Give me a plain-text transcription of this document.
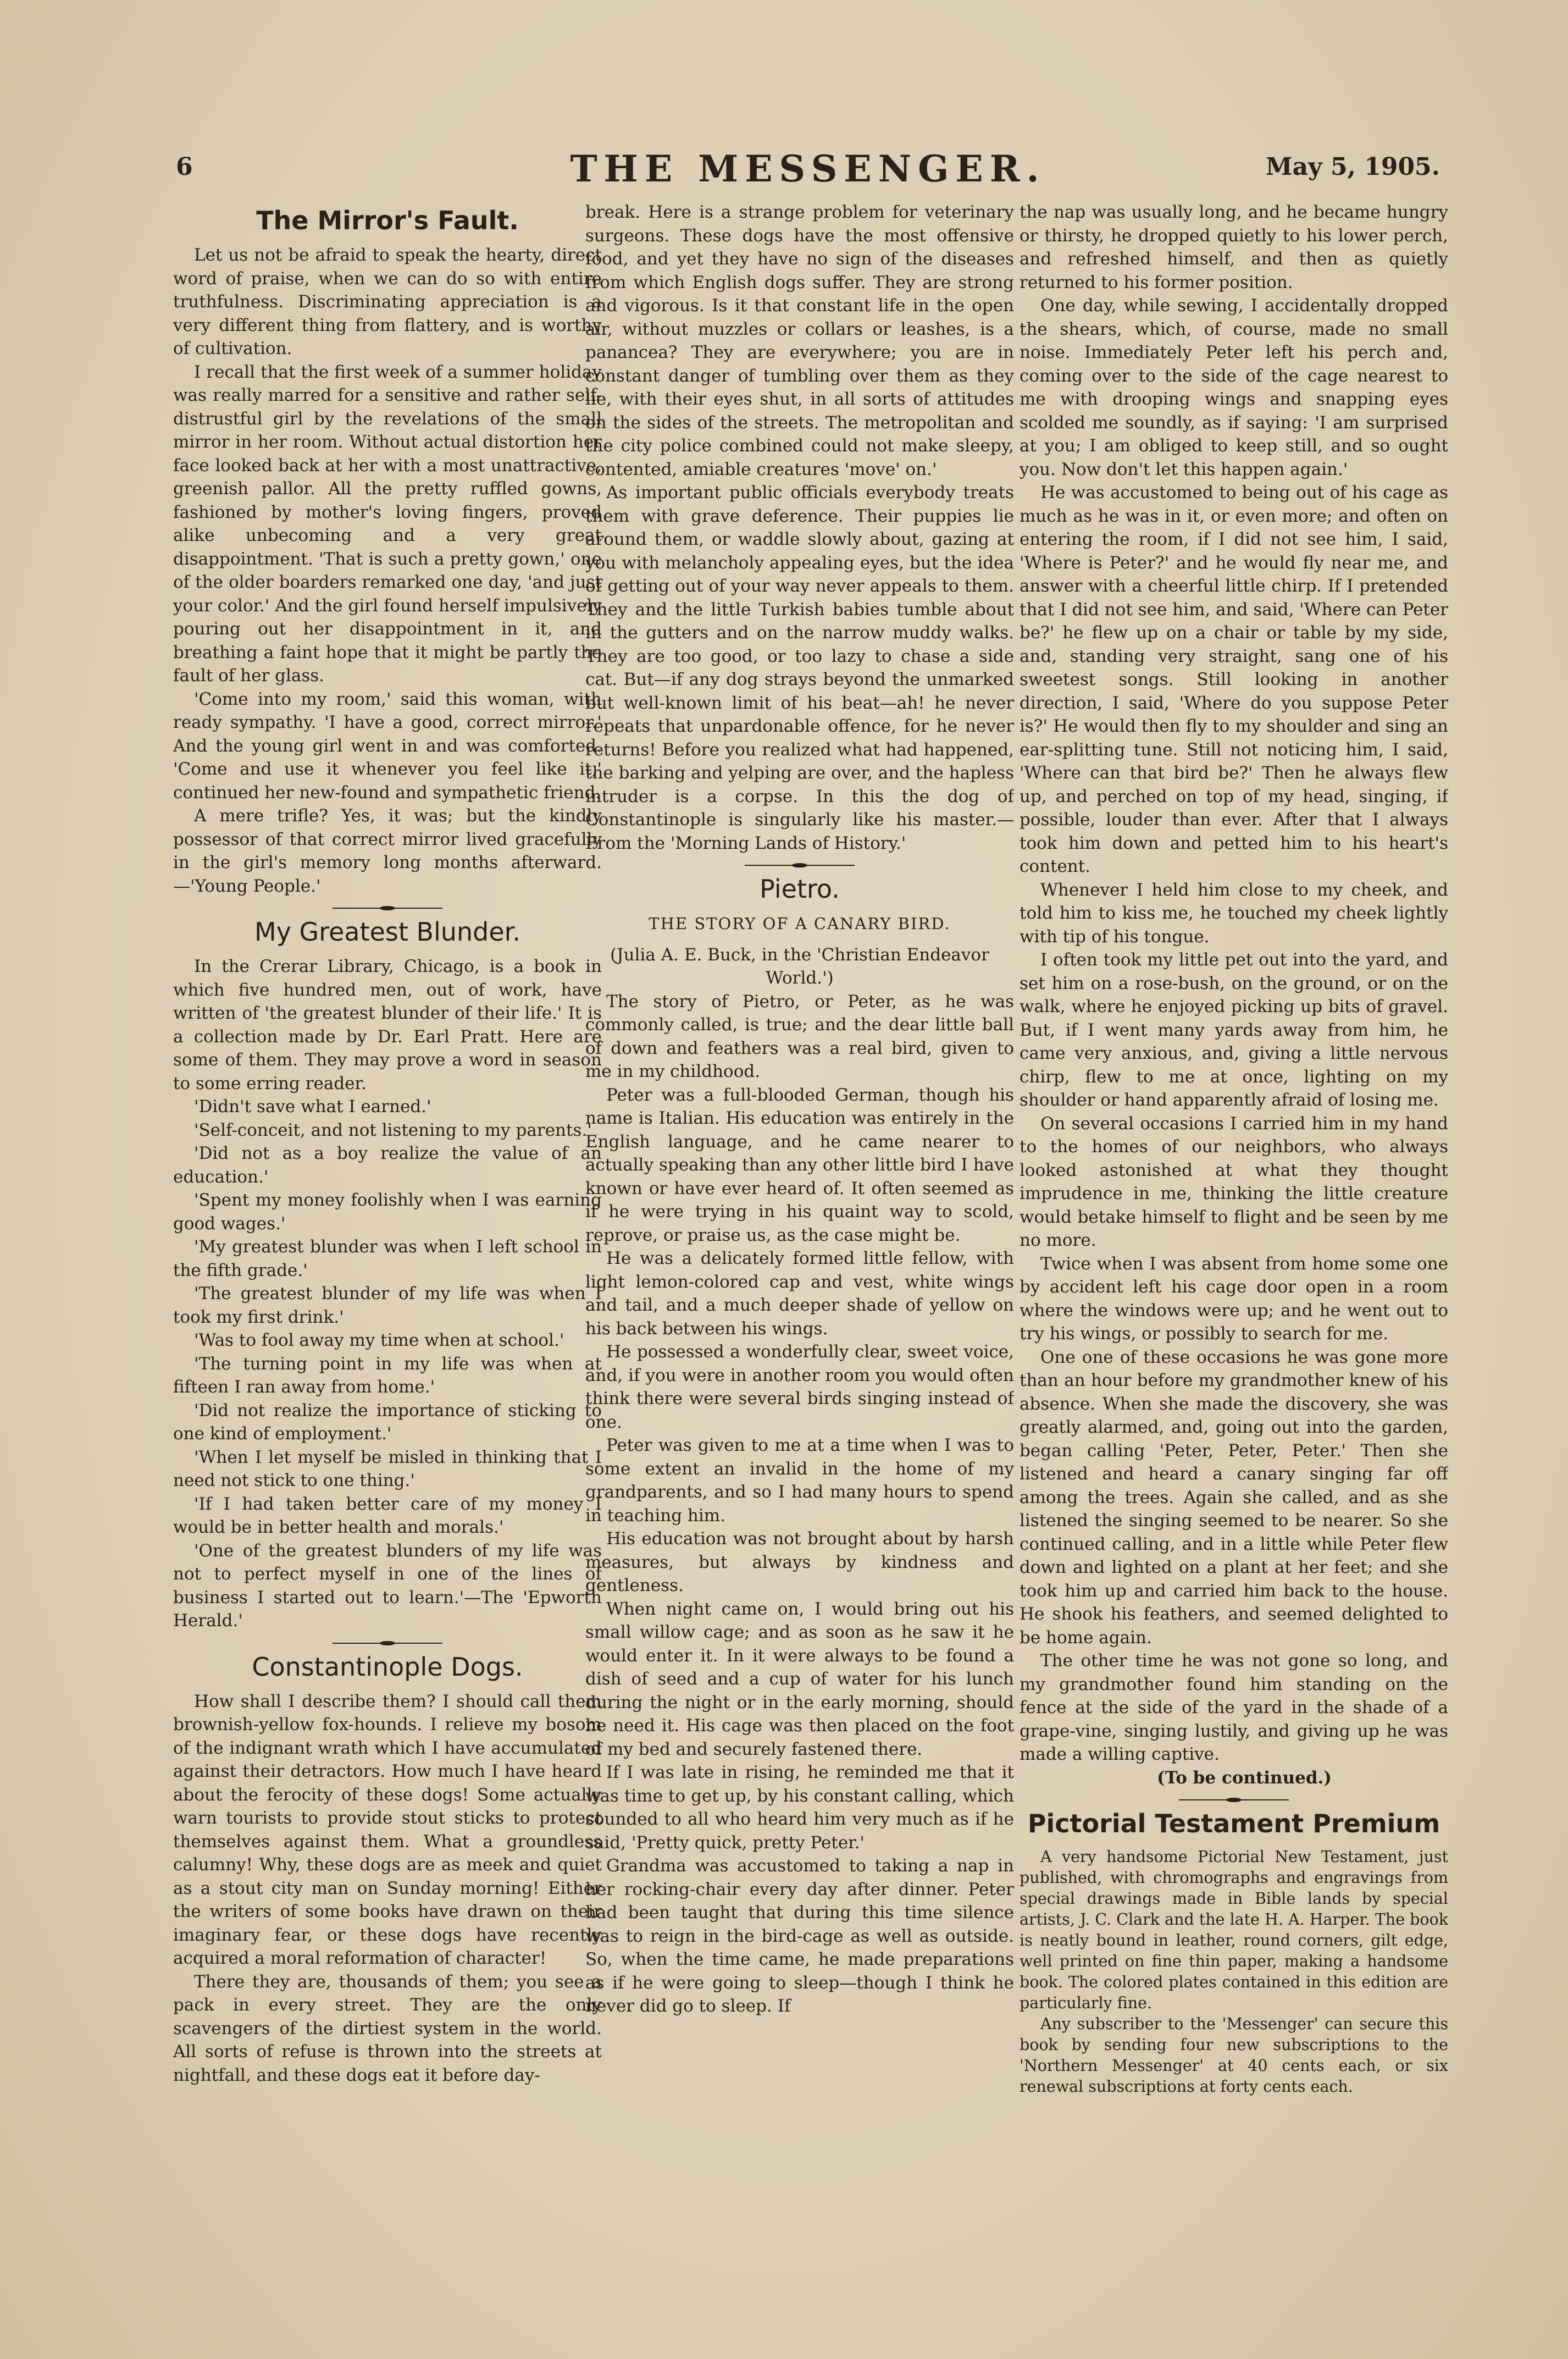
6	THE MESSENGER.	May 5, 1905.
The Mirror's Fault.

Let us not be afraid to speak the hearty, direct word of praise, when we can do so with entire truthfulness. Discriminating appreciation is a very different thing from flattery, and is worthy of cultivation.

I recall that the first week of a summer holiday was really marred for a sensitive and rather self-distrustful girl by the revelations of the small mirror in her room. Without actual distortion her face looked back at her with a most unattractive, greenish pallor. All the pretty ruffled gowns, fashioned by mother's loving fingers, proved alike unbecoming and a very great disappointment. 'That is such a pretty gown,' one of the older boarders remarked one day, 'and just your color.' And the girl found herself impulsively pouring out her disappointment in it, and breathing a faint hope that it might be partly the fault of her glass.

'Come into my room,' said this woman, with ready sympathy. 'I have a good, correct mirror.' And the young girl went in and was comforted. 'Come and use it whenever you feel like it,' continued her new-found and sympathetic friend.

A mere trifle? Yes, it was; but the kindly possessor of that correct mirror lived gracefully in the girl's memory long months afterward.—'Young People.'

My Greatest Blunder.

In the Crerar Library, Chicago, is a book in which five hundred men, out of work, have written of 'the greatest blunder of their life.' It is a collection made by Dr. Earl Pratt. Here are some of them. They may prove a word in season to some erring reader.

'Didn't save what I earned.'

'Self-conceit, and not listening to my parents.'

'Did not as a boy realize the value of an education.'

'Spent my money foolishly when I was earning good wages.'

'My greatest blunder was when I left school in the fifth grade.'

'The greatest blunder of my life was when I took my first drink.'

'Was to fool away my time when at school.'

'The turning point in my life was when at fifteen I ran away from home.'

'Did not realize the importance of sticking to one kind of employment.'

'When I let myself be misled in thinking that I need not stick to one thing.'

'If I had taken better care of my money I would be in better health and morals.'

'One of the greatest blunders of my life was not to perfect myself in one of the lines of business I started out to learn.'—The 'Epworth Herald.'

Constantinople Dogs.

How shall I describe them? I should call them brownish-yellow fox-hounds. I relieve my bosom of the indignant wrath which I have accumulated against their detractors. How much I have heard about the ferocity of these dogs! Some actually warn tourists to provide stout sticks to protect themselves against them. What a groundless calumny! Why, these dogs are as meek and quiet as a stout city man on Sunday morning! Either the writers of some books have drawn on their imaginary fear, or these dogs have recently acquired a moral reformation of character!

There they are, thousands of them; you see a pack in every street. They are the only scavengers of the dirtiest system in the world. All sorts of refuse is thrown into the streets at nightfall, and these dogs eat it before day-

break. Here is a strange problem for veterinary surgeons. These dogs have the most offensive food, and yet they have no sign of the diseases from which English dogs suffer. They are strong and vigorous. Is it that constant life in the open air, without muzzles or collars or leashes, is a panancea? They are everywhere; you are in constant danger of tumbling over them as they lie, with their eyes shut, in all sorts of attitudes on the sides of the streets. The metropolitan and the city police combined could not make sleepy, contented, amiable creatures 'move' on.'

As important public officials everybody treats them with grave deference. Their puppies lie around them, or waddle slowly about, gazing at you with melancholy appealing eyes, but the idea of getting out of your way never appeals to them. They and the little Turkish babies tumble about in the gutters and on the narrow muddy walks. They are too good, or too lazy to chase a side cat. But—if any dog strays beyond the unmarked but well-known limit of his beat—ah! he never repeats that unpardonable offence, for he never returns! Before you realized what had happened, the barking and yelping are over, and the hapless intruder is a corpse. In this the dog of Constantinople is singularly like his master.—From the 'Morning Lands of History.'

Pietro.
THE STORY OF A CANARY BIRD.

(Julia A. E. Buck, in the 'Christian Endeavor World.')

The story of Pietro, or Peter, as he was commonly called, is true; and the dear little ball of down and feathers was a real bird, given to me in my childhood.

Peter was a full-blooded German, though his name is Italian. His education was entirely in the English language, and he came nearer to actually speaking than any other little bird I have known or have ever heard of. It often seemed as if he were trying in his quaint way to scold, reprove, or praise us, as the case might be.

He was a delicately formed little fellow, with light lemon-colored cap and vest, white wings and tail, and a much deeper shade of yellow on his back between his wings.

He possessed a wonderfully clear, sweet voice, and, if you were in another room you would often think there were several birds singing instead of one.

Peter was given to me at a time when I was to some extent an invalid in the home of my grandparents, and so I had many hours to spend in teaching him.

His education was not brought about by harsh measures, but always by kindness and gentleness.

When night came on, I would bring out his small willow cage; and as soon as he saw it he would enter it. In it were always to be found a dish of seed and a cup of water for his lunch during the night or in the early morning, should he need it. His cage was then placed on the foot of my bed and securely fastened there.

If I was late in rising, he reminded me that it was time to get up, by his constant calling, which sounded to all who heard him very much as if he said, 'Pretty quick, pretty Peter.'

Grandma was accustomed to taking a nap in her rocking-chair every day after dinner. Peter had been taught that during this time silence was to reign in the bird-cage as well as outside. So, when the time came, he made preparations as if he were going to sleep—though I think he never did go to sleep. If

the nap was usually long, and he became hungry or thirsty, he dropped quietly to his lower perch, and refreshed himself, and then as quietly returned to his former position.

One day, while sewing, I accidentally dropped the shears, which, of course, made no small noise. Immediately Peter left his perch and, coming over to the side of the cage nearest to me with drooping wings and snapping eyes scolded me soundly, as if saying: 'I am surprised at you; I am obliged to keep still, and so ought you. Now don't let this happen again.'

He was accustomed to being out of his cage as much as he was in it, or even more; and often on entering the room, if I did not see him, I said, 'Where is Peter?' and he would fly near me, and answer with a cheerful little chirp. If I pretended that I did not see him, and said, 'Where can Peter be?' he flew up on a chair or table by my side, and, standing very straight, sang one of his sweetest songs. Still looking in another direction, I said, 'Where do you suppose Peter is?' He would then fly to my shoulder and sing an ear-splitting tune. Still not noticing him, I said, 'Where can that bird be?' Then he always flew up, and perched on top of my head, singing, if possible, louder than ever. After that I always took him down and petted him to his heart's content.

Whenever I held him close to my cheek, and told him to kiss me, he touched my cheek lightly with tip of his tongue.

I often took my little pet out into the yard, and set him on a rose-bush, on the ground, or on the walk, where he enjoyed picking up bits of gravel. But, if I went many yards away from him, he came very anxious, and, giving a little nervous chirp, flew to me at once, lighting on my shoulder or hand apparently afraid of losing me.

On several occasions I carried him in my hand to the homes of our neighbors, who always looked astonished at what they thought imprudence in me, thinking the little creature would betake himself to flight and be seen by me no more.

Twice when I was absent from home some one by accident left his cage door open in a room where the windows were up; and he went out to try his wings, or possibly to search for me.

One one of these occasions he was gone more than an hour before my grandmother knew of his absence. When she made the discovery, she was greatly alarmed, and, going out into the garden, began calling 'Peter, Peter, Peter.' Then she listened and heard a canary singing far off among the trees. Again she called, and as she listened the singing seemed to be nearer. So she continued calling, and in a little while Peter flew down and lighted on a plant at her feet; and she took him up and carried him back to the house. He shook his feathers, and seemed delighted to be home again.

The other time he was not gone so long, and my grandmother found him standing on the fence at the side of the yard in the shade of a grape-vine, singing lustily, and giving up he was made a willing captive.

(To be continued.)

Pictorial Testament Premium

A very handsome Pictorial New Testament, just published, with chromographs and engravings from special drawings made in Bible lands by special artists, J. C. Clark and the late H. A. Harper. The book is neatly bound in leather, round corners, gilt edge, well printed on fine thin paper, making a handsome book. The colored plates contained in this edition are particularly fine.

Any subscriber to the 'Messenger' can secure this book by sending four new subscriptions to the 'Northern Messenger' at 40 cents each, or six renewal subscriptions at forty cents each.
